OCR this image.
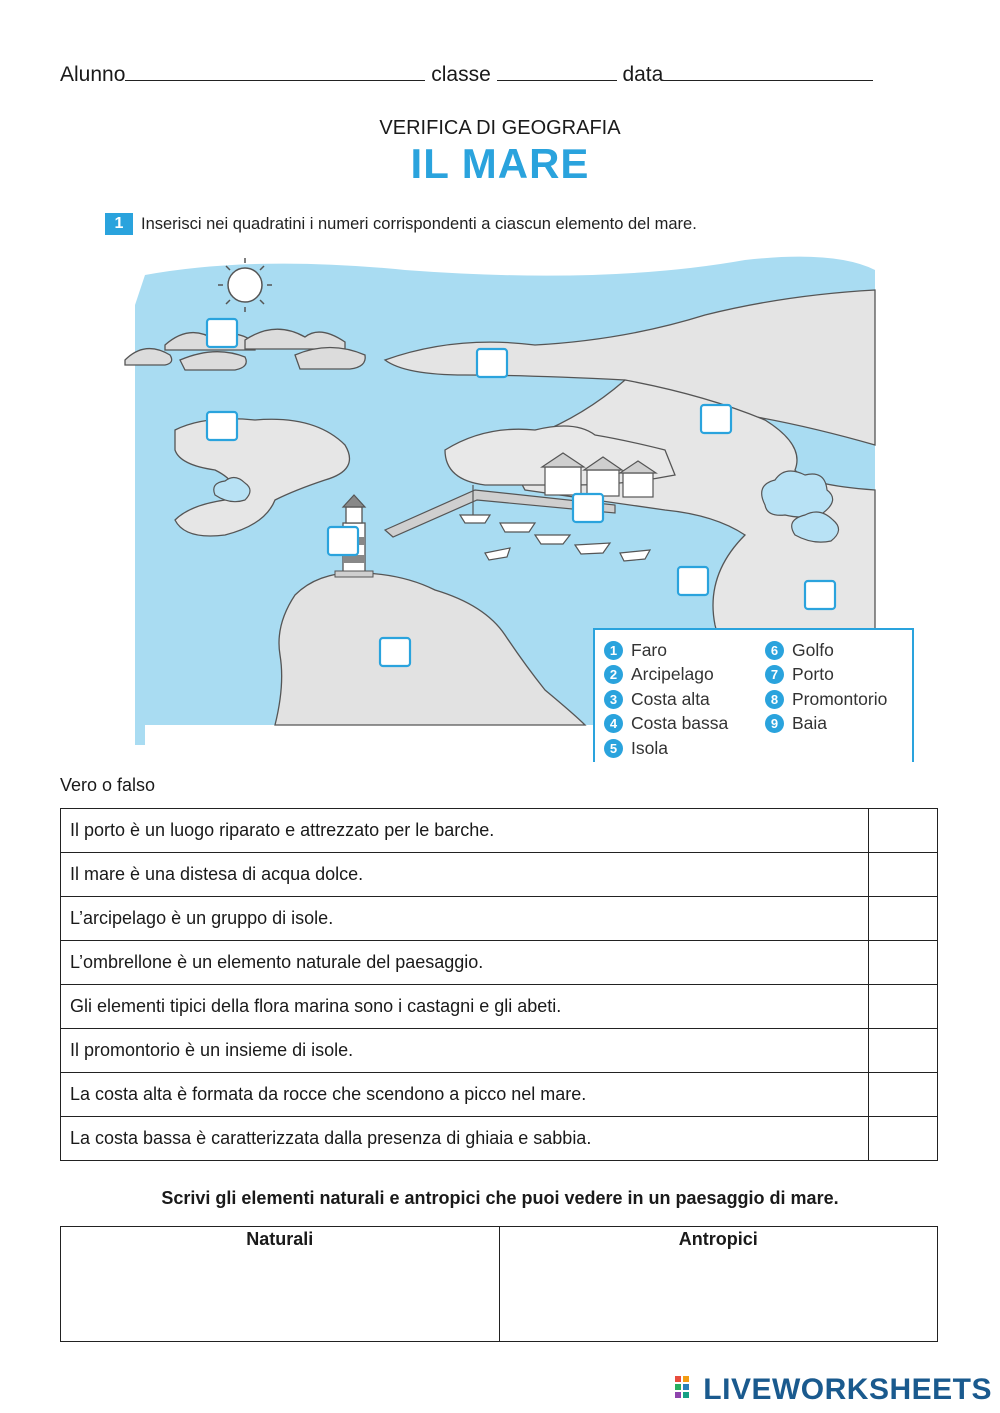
Alunno	classe	data
VERIFICA DI GEOGRAFIA
IL MARE
1	Inserisci nei quadratini i numeri corrispondenti a ciascun elemento del mare.
1 Faro
2 Arcipelago
3 Costa alta
4 Costa bassa
5 Isola
6 Golfo
7 Porto
8 Promontorio
9 Baia
Vero o falso
Il porto è un luogo riparato e attrezzato per le barche.	
Il mare è una distesa di acqua dolce.	
L’arcipelago è un gruppo di isole.	
L’ombrellone è un elemento naturale del paesaggio.	
Gli elementi tipici della flora marina sono i castagni e gli abeti.	
Il promontorio è un insieme di isole.	
La costa alta è formata da rocce che scendono a picco nel mare.	
La costa bassa è caratterizzata dalla presenza di ghiaia e sabbia.	
Scrivi gli elementi naturali e antropici che puoi vedere in un paesaggio di mare.
Naturali	Antropici
LIVEWORKSHEETS
